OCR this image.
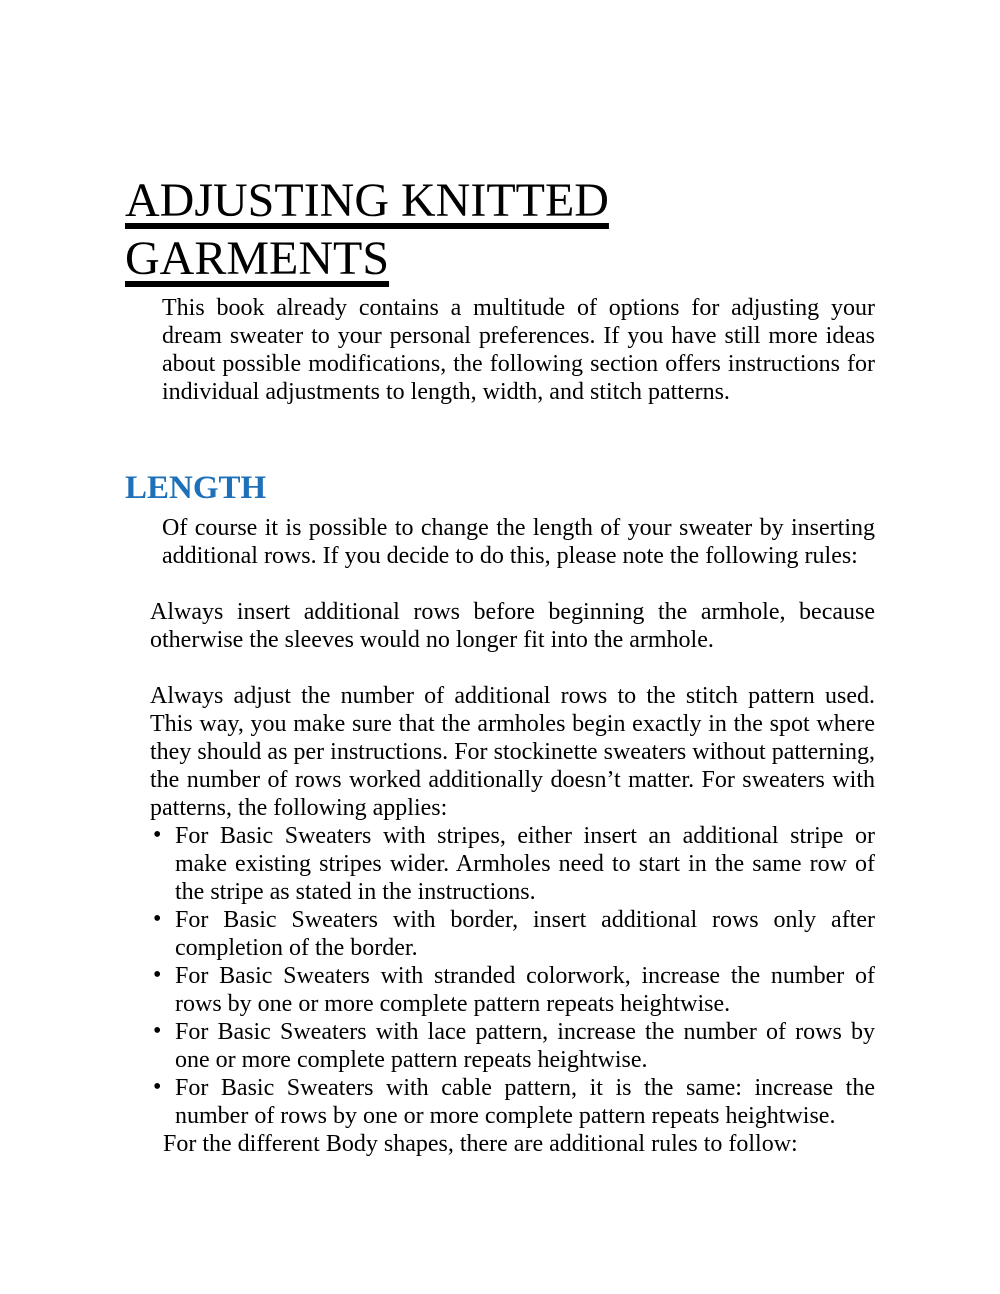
ADJUSTING KNITTED
GARMENTS

This book already contains a multitude of options for adjusting your dream sweater to your personal preferences. If you have still more ideas about possible modifications, the following section offers instructions for individual adjustments to length, width, and stitch patterns.

LENGTH

Of course it is possible to change the length of your sweater by inserting additional rows. If you decide to do this, please note the following rules:

Always insert additional rows before beginning the armhole, because otherwise the sleeves would no longer fit into the armhole.

Always adjust the number of additional rows to the stitch pattern used. This way, you make sure that the armholes begin exactly in the spot where they should as per instructions. For stockinette sweaters without patterning, the number of rows worked additionally doesn’t matter. For sweaters with patterns, the following applies:

• For Basic Sweaters with stripes, either insert an additional stripe or make existing stripes wider. Armholes need to start in the same row of the stripe as stated in the instructions.
• For Basic Sweaters with border, insert additional rows only after completion of the border.
• For Basic Sweaters with stranded colorwork, increase the number of rows by one or more complete pattern repeats heightwise.
• For Basic Sweaters with lace pattern, increase the number of rows by one or more complete pattern repeats heightwise.
• For Basic Sweaters with cable pattern, it is the same: increase the number of rows by one or more complete pattern repeats heightwise.

For the different Body shapes, there are additional rules to follow:
